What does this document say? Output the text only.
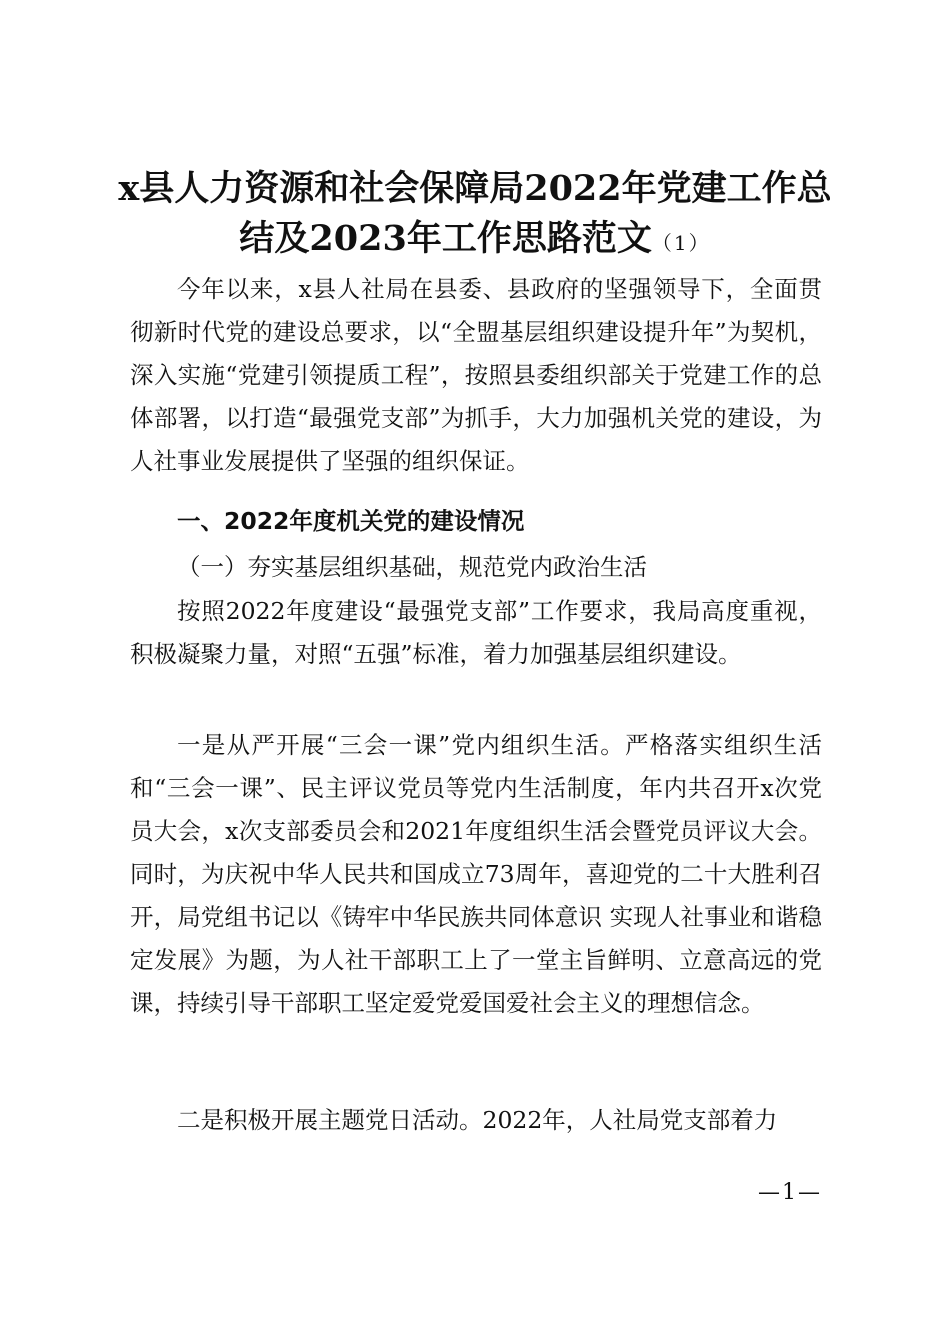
x县人力资源和社会保障局2022年党建工作总
结及2023年工作思路范文（1）
今年以来，x县人社局在县委、县政府的坚强领导下，全面贯彻新时代党的建设总要求，以“全盟基层组织建设提升年”为契机，深入实施“党建引领提质工程”，按照县委组织部关于党建工作的总体部署，以打造“最强党支部”为抓手，大力加强机关党的建设，为人社事业发展提供了坚强的组织保证。
一、2022年度机关党的建设情况
（一）夯实基层组织基础，规范党内政治生活
按照2022年度建设“最强党支部”工作要求，我局高度重视，积极凝聚力量，对照“五强”标准，着力加强基层组织建设。
一是从严开展“三会一课”党内组织生活。严格落实组织生活和“三会一课”、民主评议党员等党内生活制度，年内共召开x次党员大会，x次支部委员会和2021年度组织生活会暨党员评议大会。同时，为庆祝中华人民共和国成立73周年，喜迎党的二十大胜利召开，局党组书记以《铸牢中华民族共同体意识 实现人社事业和谐稳定发展》为题，为人社干部职工上了一堂主旨鲜明、立意高远的党课，持续引导干部职工坚定爱党爱国爱社会主义的理想信念。
二是积极开展主题党日活动。2022年，人社局党支部着力
—1—
